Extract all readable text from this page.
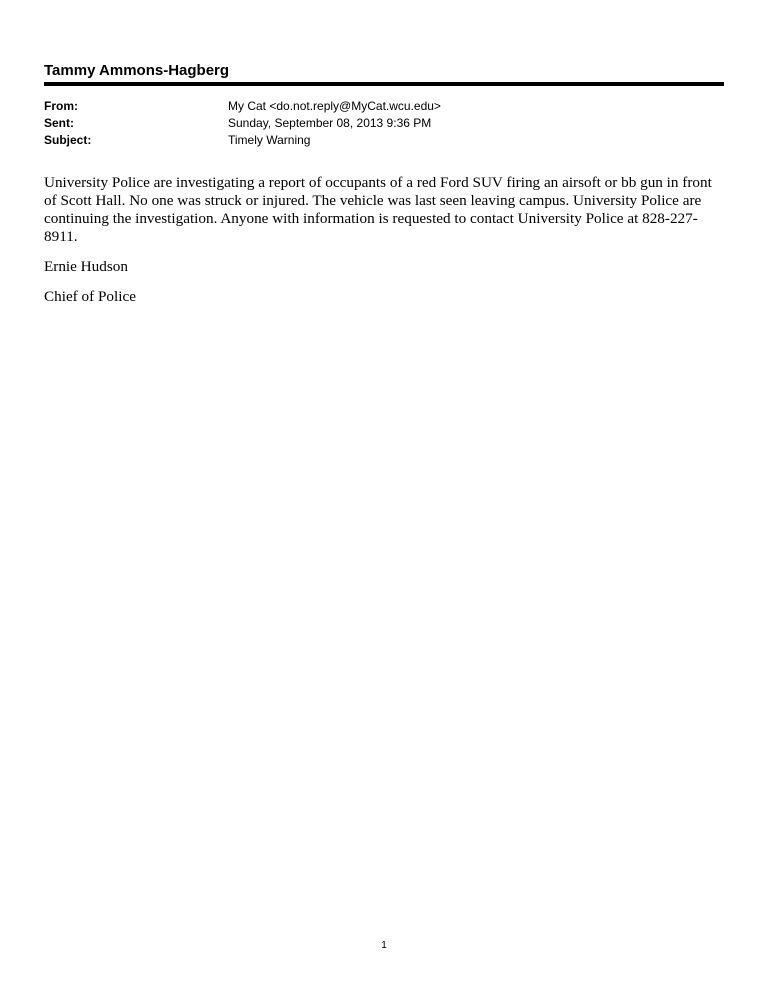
Tammy Ammons-Hagberg
From:	My Cat <do.not.reply@MyCat.wcu.edu>
Sent:	Sunday, September 08, 2013 9:36 PM
Subject:	Timely Warning

University Police are investigating a report of occupants of a red Ford SUV firing an airsoft or bb gun in front of Scott Hall. No one was struck or injured. The vehicle was last seen leaving campus. University Police are continuing the investigation. Anyone with information is requested to contact University Police at 828-227-8911.

Ernie Hudson

Chief of Police

1
